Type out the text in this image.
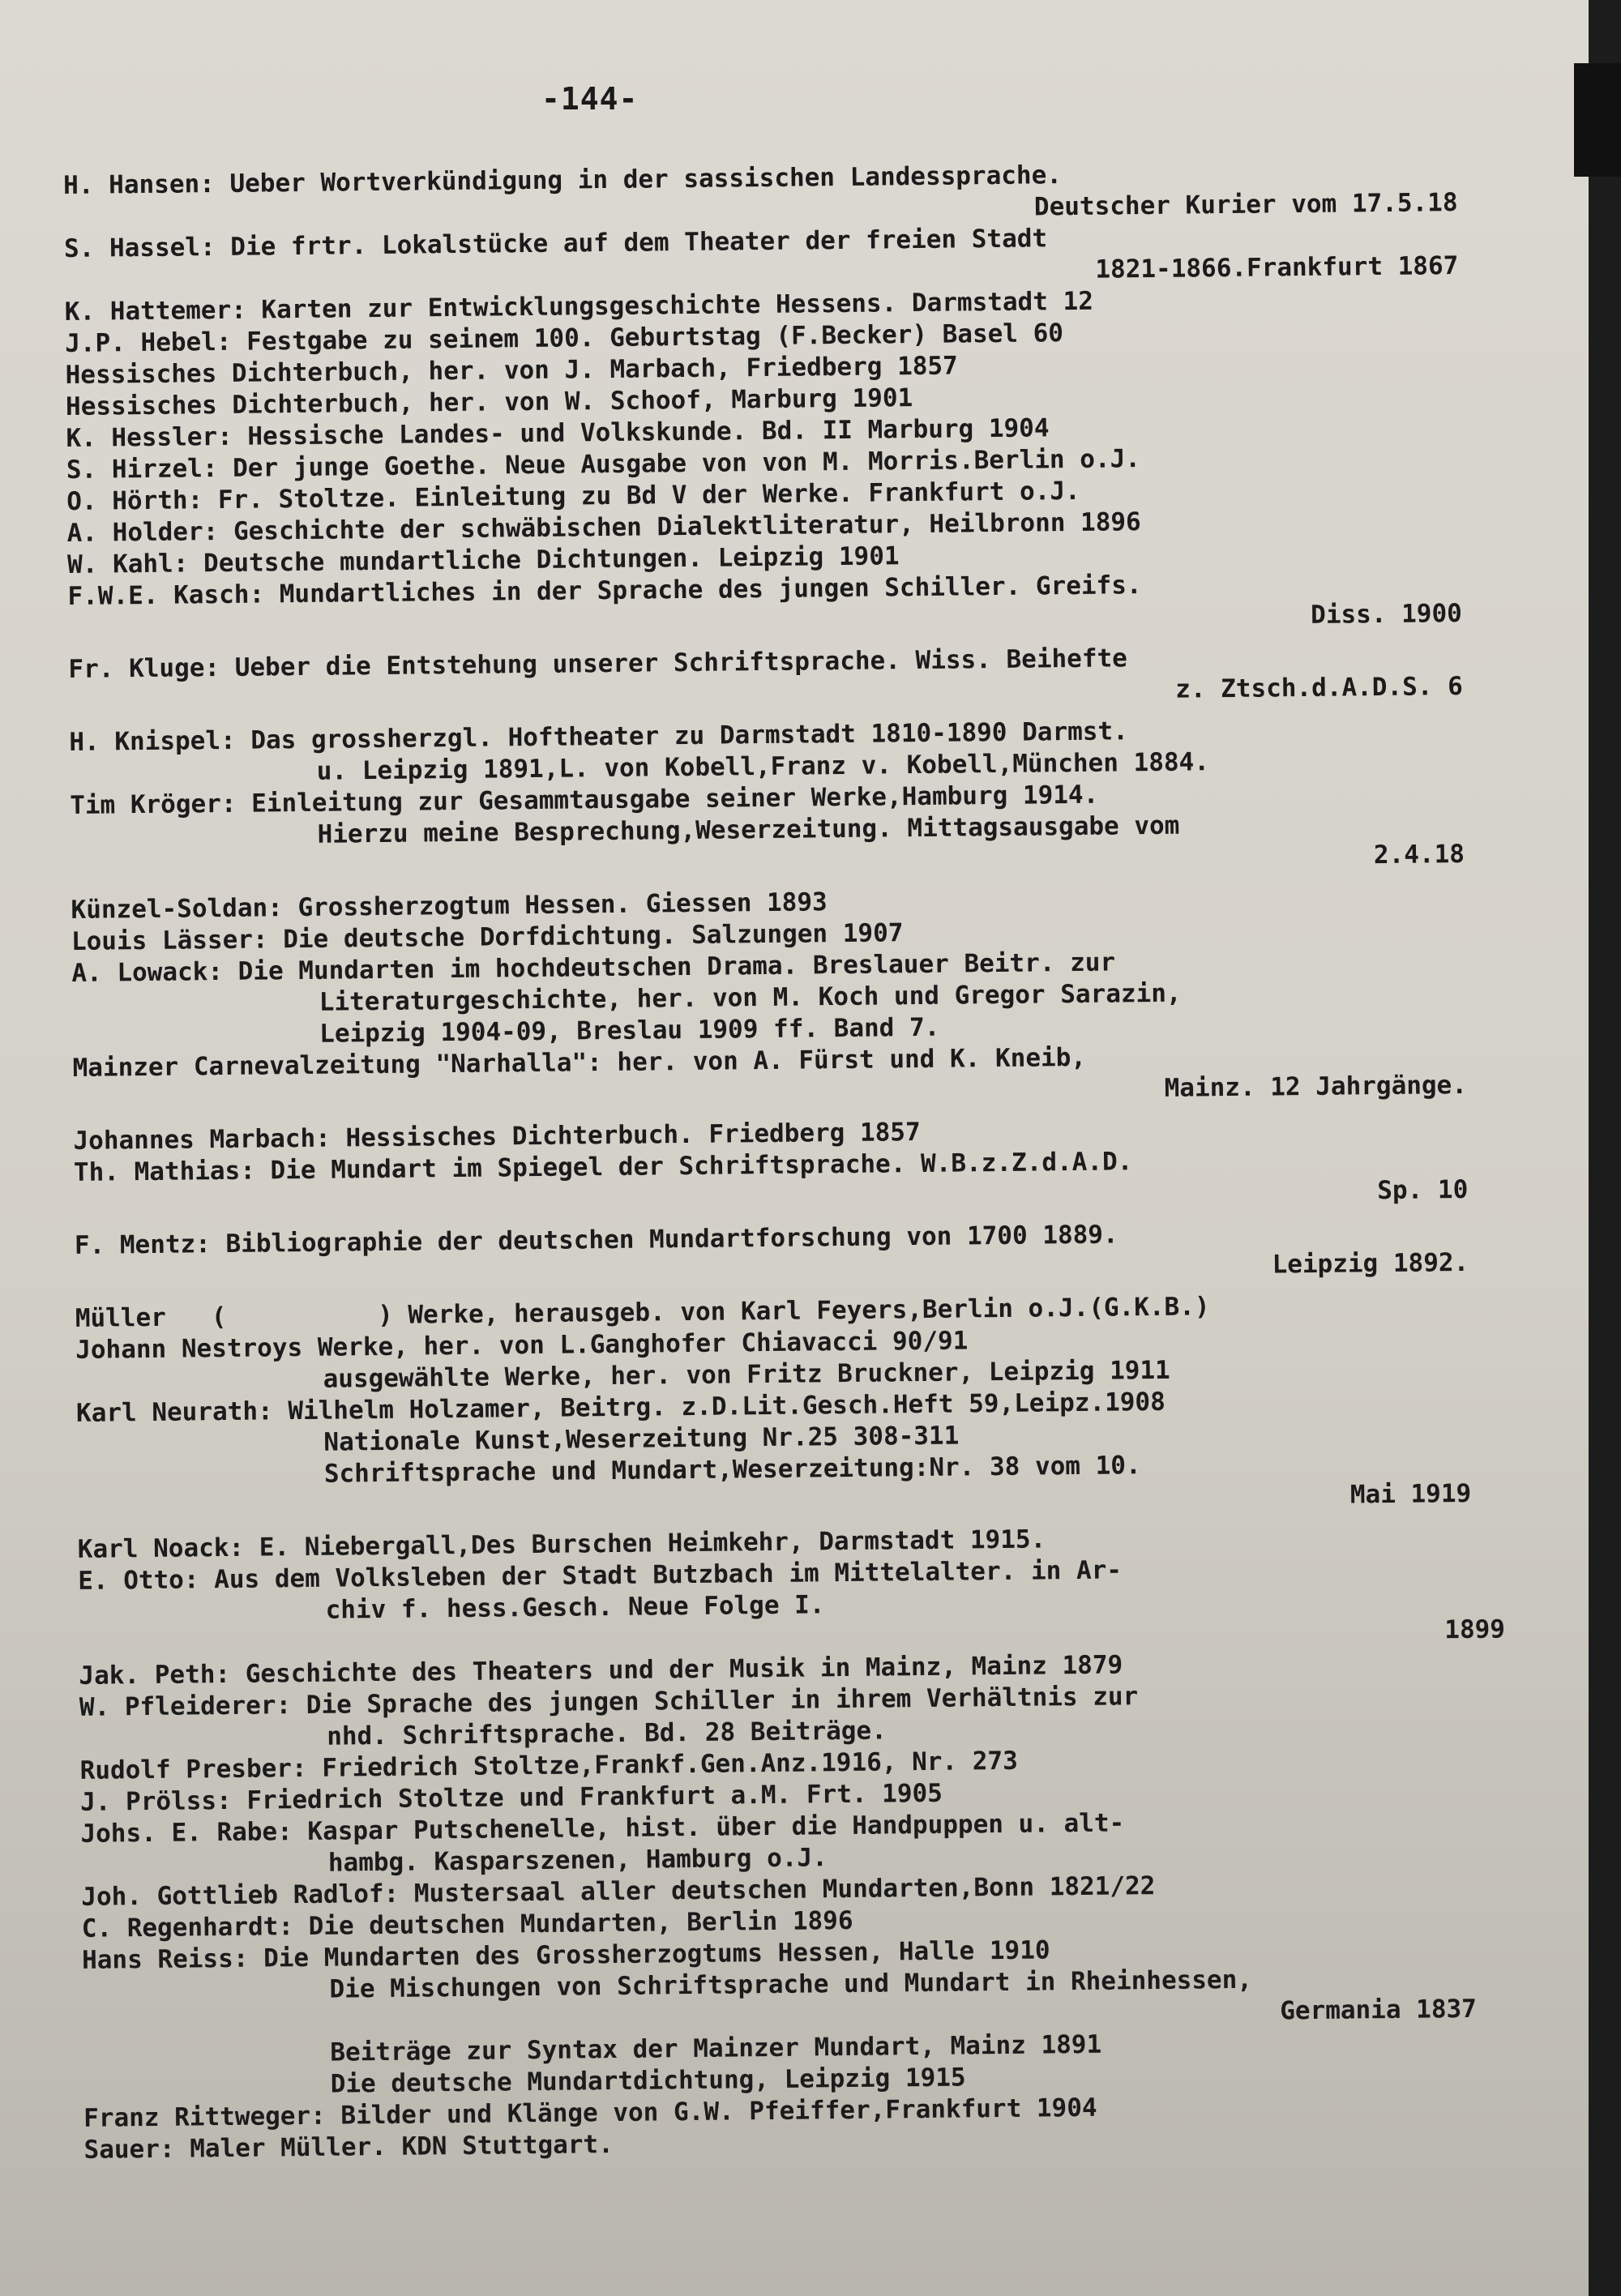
-144-
H. Hansen: Ueber Wortverkündigung in der sassischen Landessprache.
Deutscher Kurier vom 17.5.18
S. Hassel: Die frtr. Lokalstücke auf dem Theater der freien Stadt
1821-1866.Frankfurt 1867
K. Hattemer: Karten zur Entwicklungsgeschichte Hessens. Darmstadt 12
J.P. Hebel: Festgabe zu seinem 100. Geburtstag (F.Becker) Basel 60
Hessisches Dichterbuch, her. von J. Marbach, Friedberg 1857
Hessisches Dichterbuch, her. von W. Schoof, Marburg 1901
K. Hessler: Hessische Landes- und Volkskunde. Bd. II Marburg 1904
S. Hirzel: Der junge Goethe. Neue Ausgabe von von M. Morris.Berlin o.J.
O. Hörth: Fr. Stoltze. Einleitung zu Bd V der Werke. Frankfurt o.J.
A. Holder: Geschichte der schwäbischen Dialektliteratur, Heilbronn 1896
W. Kahl: Deutsche mundartliche Dichtungen. Leipzig 1901
F.W.E. Kasch: Mundartliches in der Sprache des jungen Schiller. Greifs.
Diss. 1900
Fr. Kluge: Ueber die Entstehung unserer Schriftsprache. Wiss. Beihefte
z. Ztsch.d.A.D.S. 6
H. Knispel: Das grossherzgl. Hoftheater zu Darmstadt 1810-1890 Darmst.
u. Leipzig 1891,L. von Kobell,Franz v. Kobell,München 1884.
Tim Kröger: Einleitung zur Gesammtausgabe seiner Werke,Hamburg 1914.
Hierzu meine Besprechung,Weserzeitung. Mittagsausgabe vom
2.4.18
Künzel-Soldan: Grossherzogtum Hessen. Giessen 1893
Louis Lässer: Die deutsche Dorfdichtung. Salzungen 1907
A. Lowack: Die Mundarten im hochdeutschen Drama. Breslauer Beitr. zur
Literaturgeschichte, her. von M. Koch und Gregor Sarazin,
Leipzig 1904-09, Breslau 1909 ff. Band 7.
Mainzer Carnevalzeitung "Narhalla": her. von A. Fürst und K. Kneib,
Mainz. 12 Jahrgänge.
Johannes Marbach: Hessisches Dichterbuch. Friedberg 1857
Th. Mathias: Die Mundart im Spiegel der Schriftsprache. W.B.z.Z.d.A.D.
Sp. 10
F. Mentz: Bibliographie der deutschen Mundartforschung von 1700 1889.
Leipzig 1892.
Müller   (          ) Werke, herausgeb. von Karl Feyers,Berlin o.J.(G.K.B.)
Johann Nestroys Werke, her. von L.Ganghofer Chiavacci 90/91
ausgewählte Werke, her. von Fritz Bruckner, Leipzig 1911
Karl Neurath: Wilhelm Holzamer, Beitrg. z.D.Lit.Gesch.Heft 59,Leipz.1908
Nationale Kunst,Weserzeitung Nr.25 308-311
Schriftsprache und Mundart,Weserzeitung:Nr. 38 vom 10.
Mai 1919
Karl Noack: E. Niebergall,Des Burschen Heimkehr, Darmstadt 1915.
E. Otto: Aus dem Volksleben der Stadt Butzbach im Mittelalter. in Ar-
chiv f. hess.Gesch. Neue Folge I.
1899
Jak. Peth: Geschichte des Theaters und der Musik in Mainz, Mainz 1879
W. Pfleiderer: Die Sprache des jungen Schiller in ihrem Verhältnis zur
nhd. Schriftsprache. Bd. 28 Beiträge.
Rudolf Presber: Friedrich Stoltze,Frankf.Gen.Anz.1916, Nr. 273
J. Prölss: Friedrich Stoltze und Frankfurt a.M. Frt. 1905
Johs. E. Rabe: Kaspar Putschenelle, hist. über die Handpuppen u. alt-
hambg. Kasparszenen, Hamburg o.J.
Joh. Gottlieb Radlof: Mustersaal aller deutschen Mundarten,Bonn 1821/22
C. Regenhardt: Die deutschen Mundarten, Berlin 1896
Hans Reiss: Die Mundarten des Grossherzogtums Hessen, Halle 1910
Die Mischungen von Schriftsprache und Mundart in Rheinhessen,
Germania 1837
Beiträge zur Syntax der Mainzer Mundart, Mainz 1891
Die deutsche Mundartdichtung, Leipzig 1915
Franz Rittweger: Bilder und Klänge von G.W. Pfeiffer,Frankfurt 1904
Sauer: Maler Müller. KDN Stuttgart.
